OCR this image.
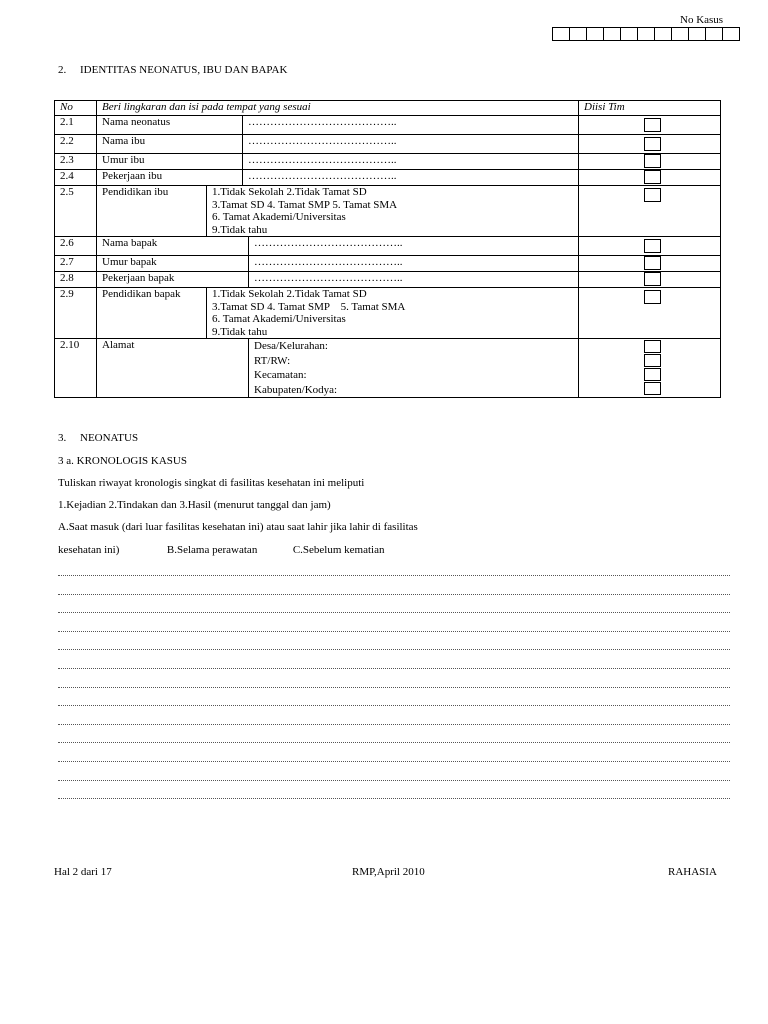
No Kasus
2. IDENTITAS NEONATUS, IBU DAN BAPAK
No	Beri lingkaran dan isi pada tempat yang sesuai				Diisi Tim
2.1	Nama neonatus		…………………………………..		

2.2	Nama ibu		…………………………………..		

2.3	Umur ibu		…………………………………..		

2.4	Pekerjaan ibu		…………………………………..		

2.5	Pendidikan ibu	1.Tidak Sekolah 2.Tidak Tamat SD
3.Tamat SD 4. Tamat SMP 5. Tamat SMA
6. Tamat Akademi/Universitas
9.Tidak tahu			

2.6	Nama bapak			…………………………………..	

2.7	Umur bapak			…………………………………..	

2.8	Pekerjaan bapak			…………………………………..	

2.9	Pendidikan bapak	1.Tidak Sekolah 2.Tidak Tamat SD
3.Tamat SD 4. Tamat SMP    5. Tamat SMA
6. Tamat Akademi/Universitas
9.Tidak tahu			

2.10	Alamat			Desa/Kelurahan:
RT/RW:
Kecamatan:
Kabupaten/Kodya:	

3. NEONATUS
3 a. KRONOLOGIS KASUS
Tuliskan riwayat kronologis singkat di fasilitas kesehatan ini meliputi
1.Kejadian 2.Tindakan dan 3.Hasil (menurut tanggal dan jam)
A.Saat masuk (dari luar fasilitas kesehatan ini) atau saat lahir jika lahir di fasilitas
kesehatan ini)	B.Selama perawatan	C.Sebelum kematian
Hal 2 dari 17	RMP,April 2010	RAHASIA
